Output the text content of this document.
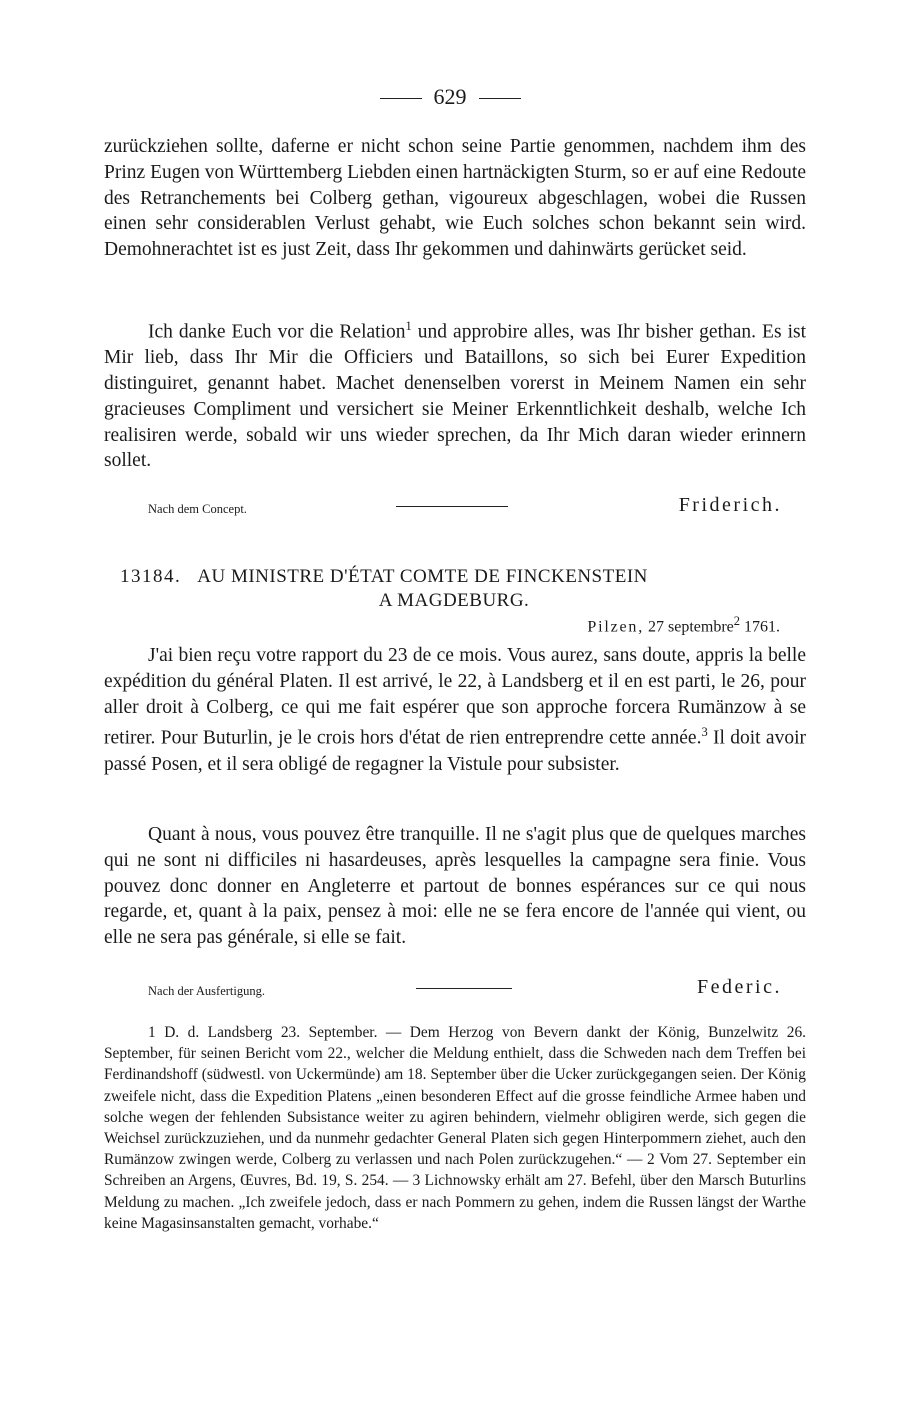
629
zurückziehen sollte, daferne er nicht schon seine Partie genommen, nachdem ihm des Prinz Eugen von Württemberg Liebden einen hartnäckigten Sturm, so er auf eine Redoute des Retranchements bei Colberg gethan, vigoureux abgeschlagen, wobei die Russen einen sehr considerablen Verlust gehabt, wie Euch solches schon bekannt sein wird. Demohnerachtet ist es just Zeit, dass Ihr gekommen und dahinwärts gerücket seid.
Ich danke Euch vor die Relation$^1$ und approbire alles, was Ihr bisher gethan. Es ist Mir lieb, dass Ihr Mir die Officiers und Bataillons, so sich bei Eurer Expedition distinguiret, genannt habet. Machet denenselben vorerst in Meinem Namen ein sehr gracieuses Compliment und versichert sie Meiner Erkenntlichkeit deshalb, welche Ich realisiren werde, sobald wir uns wieder sprechen, da Ihr Mich daran wieder erinnern sollet.
Nach dem Concept.	Friderich.
13184. AU MINISTRE D'ÉTAT COMTE DE FINCKENSTEIN
A MAGDEBURG.
Pilzen, 27 septembre$^2$ 1761.
J'ai bien reçu votre rapport du 23 de ce mois. Vous aurez, sans doute, appris la belle expédition du général Platen. Il est arrivé, le 22, à Landsberg et il en est parti, le 26, pour aller droit à Colberg, ce qui me fait espérer que son approche forcera Rumänzow à se retirer. Pour Buturlin, je le crois hors d'état de rien entreprendre cette année.$^3$ Il doit avoir passé Posen, et il sera obligé de regagner la Vistule pour subsister.
Quant à nous, vous pouvez être tranquille. Il ne s'agit plus que de quelques marches qui ne sont ni difficiles ni hasardeuses, après lesquelles la campagne sera finie. Vous pouvez donc donner en Angleterre et partout de bonnes espérances sur ce qui nous regarde, et, quant à la paix, pensez à moi: elle ne se fera encore de l'année qui vient, ou elle ne sera pas générale, si elle se fait.
Nach der Ausfertigung.	Federic.
1 D. d. Landsberg 23. September. — Dem Herzog von Bevern dankt der König, Bunzelwitz 26. September, für seinen Bericht vom 22., welcher die Meldung enthielt, dass die Schweden nach dem Treffen bei Ferdinandshoff (südwestl. von Uckermünde) am 18. September über die Ucker zurückgegangen seien. Der König zweifele nicht, dass die Expedition Platens „einen besonderen Effect auf die grosse feindliche Armee haben und solche wegen der fehlenden Subsistance weiter zu agiren behindern, vielmehr obligiren werde, sich gegen die Weichsel zurückzuziehen, und da nunmehr gedachter General Platen sich gegen Hinterpommern ziehet, auch den Rumänzow zwingen werde, Colberg zu verlassen und nach Polen zurückzugehen.“ — 2 Vom 27. September ein Schreiben an Argens, Œuvres, Bd. 19, S. 254. — 3 Lichnowsky erhält am 27. Befehl, über den Marsch Buturlins Meldung zu machen. „Ich zweifele jedoch, dass er nach Pommern zu gehen, indem die Russen längst der Warthe keine Magasinsanstalten gemacht, vorhabe.“
